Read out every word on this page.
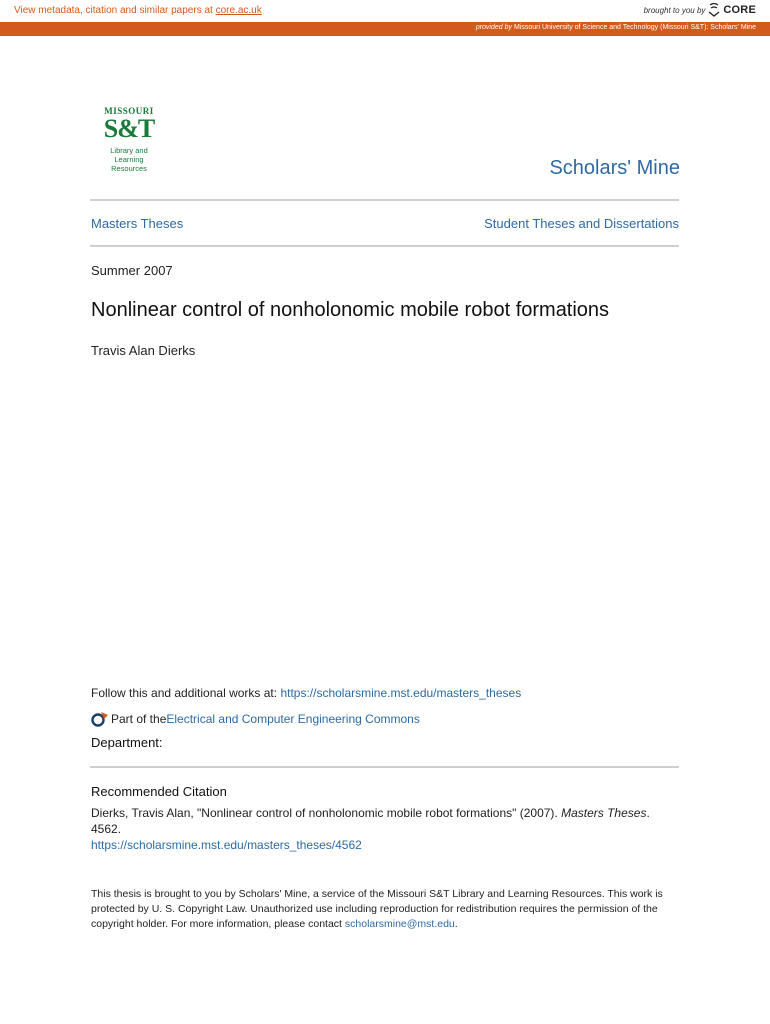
View metadata, citation and similar papers at core.ac.uk	brought to you by CORE
provided by Missouri University of Science and Technology (Missouri S&T): Scholars' Mine
MISSOURI
S&T
Library and
Learning Resources	Scholars' Mine
Masters Theses	Student Theses and Dissertations
Summer 2007
Nonlinear control of nonholonomic mobile robot formations
Travis Alan Dierks
Follow this and additional works at: https://scholarsmine.mst.edu/masters_theses
Part of the Electrical and Computer Engineering Commons
Department:
Recommended Citation
Dierks, Travis Alan, "Nonlinear control of nonholonomic mobile robot formations" (2007). Masters Theses. 4562.
https://scholarsmine.mst.edu/masters_theses/4562
This thesis is brought to you by Scholars' Mine, a service of the Missouri S&T Library and Learning Resources. This work is protected by U. S. Copyright Law. Unauthorized use including reproduction for redistribution requires the permission of the copyright holder. For more information, please contact scholarsmine@mst.edu.
